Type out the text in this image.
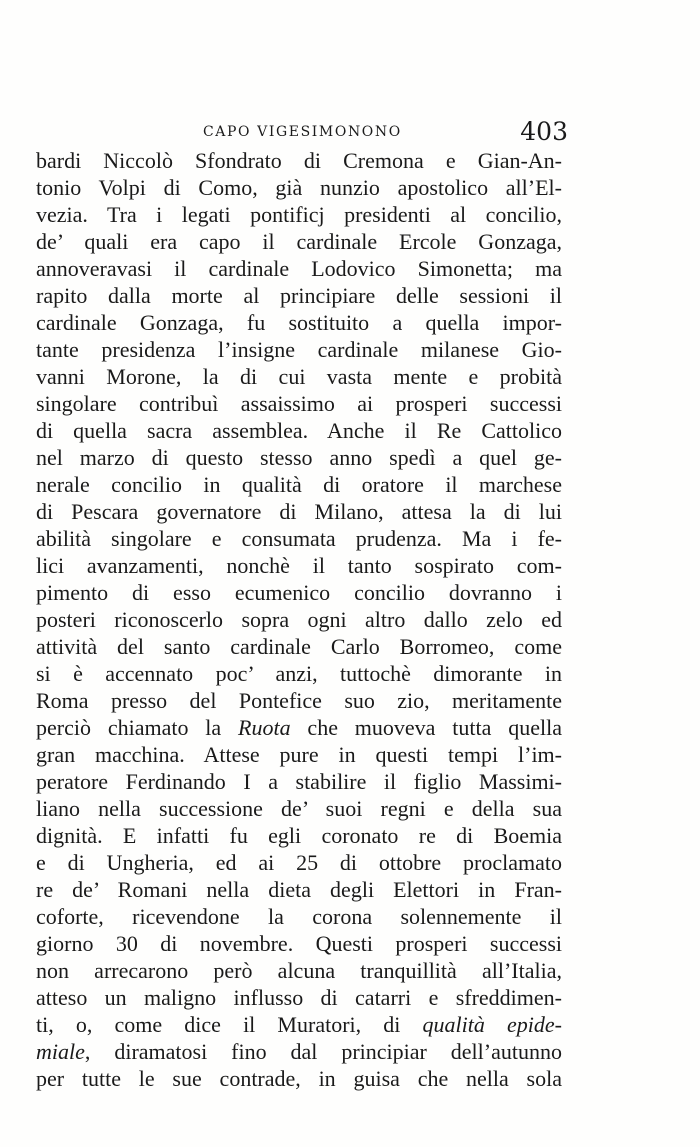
CAPO VIGESIMONONO	403
bardi Niccolò Sfondrato di Cremona e Gian-An-
tonio Volpi di Como, già nunzio apostolico all’El-
vezia. Tra i legati pontificj presidenti al concilio,
de’ quali era capo il cardinale Ercole Gonzaga,
annoveravasi il cardinale Lodovico Simonetta; ma
rapito dalla morte al principiare delle sessioni il
cardinale Gonzaga, fu sostituito a quella impor-
tante presidenza l’insigne cardinale milanese Gio-
vanni Morone, la di cui vasta mente e probità
singolare contribuì assaissimo ai prosperi successi
di quella sacra assemblea. Anche il Re Cattolico
nel marzo di questo stesso anno spedì a quel ge-
nerale concilio in qualità di oratore il marchese
di Pescara governatore di Milano, attesa la di lui
abilità singolare e consumata prudenza. Ma i fe-
lici avanzamenti, nonchè il tanto sospirato com-
pimento di esso ecumenico concilio dovranno i
posteri riconoscerlo sopra ogni altro dallo zelo ed
attività del santo cardinale Carlo Borromeo, come
si è accennato poc’ anzi, tuttochè dimorante in
Roma presso del Pontefice suo zio, meritamente
perciò chiamato la Ruota che muoveva tutta quella
gran macchina. Attese pure in questi tempi l’im-
peratore Ferdinando I a stabilire il figlio Massimi-
liano nella successione de’ suoi regni e della sua
dignità. E infatti fu egli coronato re di Boemia
e di Ungheria, ed ai 25 di ottobre proclamato
re de’ Romani nella dieta degli Elettori in Fran-
coforte, ricevendone la corona solennemente il
giorno 30 di novembre. Questi prosperi successi
non arrecarono però alcuna tranquillità all’Italia,
atteso un maligno influsso di catarri e sfreddimen-
ti, o, come dice il Muratori, di qualità epide-
miale, diramatosi fino dal principiar dell’autunno
per tutte le sue contrade, in guisa che nella sola
